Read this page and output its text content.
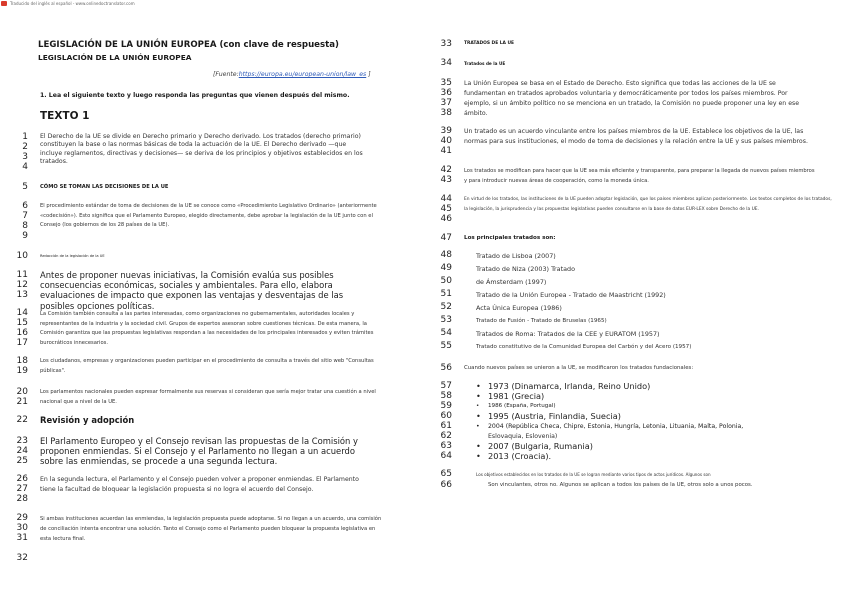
Traducido del inglés al español - www.onlinedoctranslator.com
LEGISLACIÓN DE LA UNIÓN EUROPEA (con clave de respuesta)
LEGISLACIÓN DE LA UNIÓN EUROPEA
[Fuente:https://europa.eu/european-union/law_es ]
1. Lea el siguiente texto y luego responda las preguntas que vienen después del mismo.
TEXTO 1
1
2
3
4
El Derecho de la UE se divide en Derecho primario y Derecho derivado. Los tratados (derecho primario) constituyen la base o las normas básicas de toda la actuación de la UE. El Derecho derivado —que incluye reglamentos, directivas y decisiones— se deriva de los principios y objetivos establecidos en los tratados.
5 CÓMO SE TOMAN LAS DECISIONES DE LA UE
6
7
8
9
El procedimiento estándar de toma de decisiones de la UE se conoce como «Procedimiento Legislativo Ordinario» (anteriormente «codecisión»). Esto significa que el Parlamento Europeo, elegido directamente, debe aprobar la legislación de la UE junto con el Consejo (los gobiernos de los 28 países de la UE).
10	Redacción de la legislación de la UE
11
12
13
Antes de proponer nuevas iniciativas, la Comisión evalúa sus posibles consecuencias económicas, sociales y ambientales. Para ello, elabora evaluaciones de impacto que exponen las ventajas y desventajas de las posibles opciones políticas.
14
15
16
17
La Comisión también consulta a las partes interesadas, como organizaciones no gubernamentales, autoridades locales y representantes de la industria y la sociedad civil. Grupos de expertos asesoran sobre cuestiones técnicas. De esta manera, la Comisión garantiza que las propuestas legislativas respondan a las necesidades de los principales interesados y eviten trámites burocráticos innecesarios.
18
19
Los ciudadanos, empresas y organizaciones pueden participar en el procedimiento de consulta a través del sitio web "Consultas públicas".
20
21
Los parlamentos nacionales pueden expresar formalmente sus reservas si consideran que sería mejor tratar una cuestión a nivel nacional que a nivel de la UE.
22 Revisión y adopción
23
24
25
El Parlamento Europeo y el Consejo revisan las propuestas de la Comisión y proponen enmiendas. Si el Consejo y el Parlamento no llegan a un acuerdo sobre las enmiendas, se procede a una segunda lectura.
26
27
28
En la segunda lectura, el Parlamento y el Consejo pueden volver a proponer enmiendas. El Parlamento tiene la facultad de bloquear la legislación propuesta si no logra el acuerdo del Consejo.
29
30
31
Si ambas instituciones acuerdan las enmiendas, la legislación propuesta puede adoptarse. Si no llegan a un acuerdo, una comisión de conciliación intenta encontrar una solución. Tanto el Consejo como el Parlamento pueden bloquear la propuesta legislativa en esta lectura final.
32
33	TRATADOS DE LA UE
34	Tratados de la UE
35
36
37
38
La Unión Europea se basa en el Estado de Derecho. Esto significa que todas las acciones de la UE se fundamentan en tratados aprobados voluntaria y democráticamente por todos los países miembros. Por ejemplo, si un ámbito político no se menciona en un tratado, la Comisión no puede proponer una ley en ese ámbito.
39
40
41
Un tratado es un acuerdo vinculante entre los países miembros de la UE. Establece los objetivos de la UE, las normas para sus instituciones, el modo de toma de decisiones y la relación entre la UE y sus países miembros.
42
43
Los tratados se modifican para hacer que la UE sea más eficiente y transparente, para preparar la llegada de nuevos países miembros y para introducir nuevas áreas de cooperación, como la moneda única.
44
45
46
En virtud de los tratados, las instituciones de la UE pueden adoptar legislación, que los países miembros aplican posteriormente. Los textos completos de los tratados, la legislación, la jurisprudencia y las propuestas legislativas pueden consultarse en la base de datos EUR-LEX sobre Derecho de la UE.
47 Los principales tratados son:
48	Tratado de Lisboa (2007)
49	Tratado de Niza (2003) Tratado
50	de Ámsterdam (1997)
51	Tratado de la Unión Europea - Tratado de Maastricht (1992)
52	Acta Única Europea (1986)
53	Tratado de Fusión - Tratado de Bruselas (1965)
54	Tratados de Roma: Tratados de la CEE y EURATOM (1957)
55	Tratado constitutivo de la Comunidad Europea del Carbón y del Acero (1957)
56 Cuando nuevos países se unieron a la UE, se modificaron los tratados fundacionales:
57	• 1973 (Dinamarca, Irlanda, Reino Unido)
58	• 1981 (Grecia)
59	• 1986 (España, Portugal)
60	• 1995 (Austria, Finlandia, Suecia)
61	• 2004 (República Checa, Chipre, Estonia, Hungría, Letonia, Lituania, Malta, Polonia,
62	Eslovaquia, Eslovenia)
63	• 2007 (Bulgaria, Rumania)
64	• 2013 (Croacia).
65	Los objetivos establecidos en los tratados de la UE se logran mediante varios tipos de actos jurídicos. Algunos son
66	Son vinculantes, otros no. Algunos se aplican a todos los países de la UE, otros solo a unos pocos.
